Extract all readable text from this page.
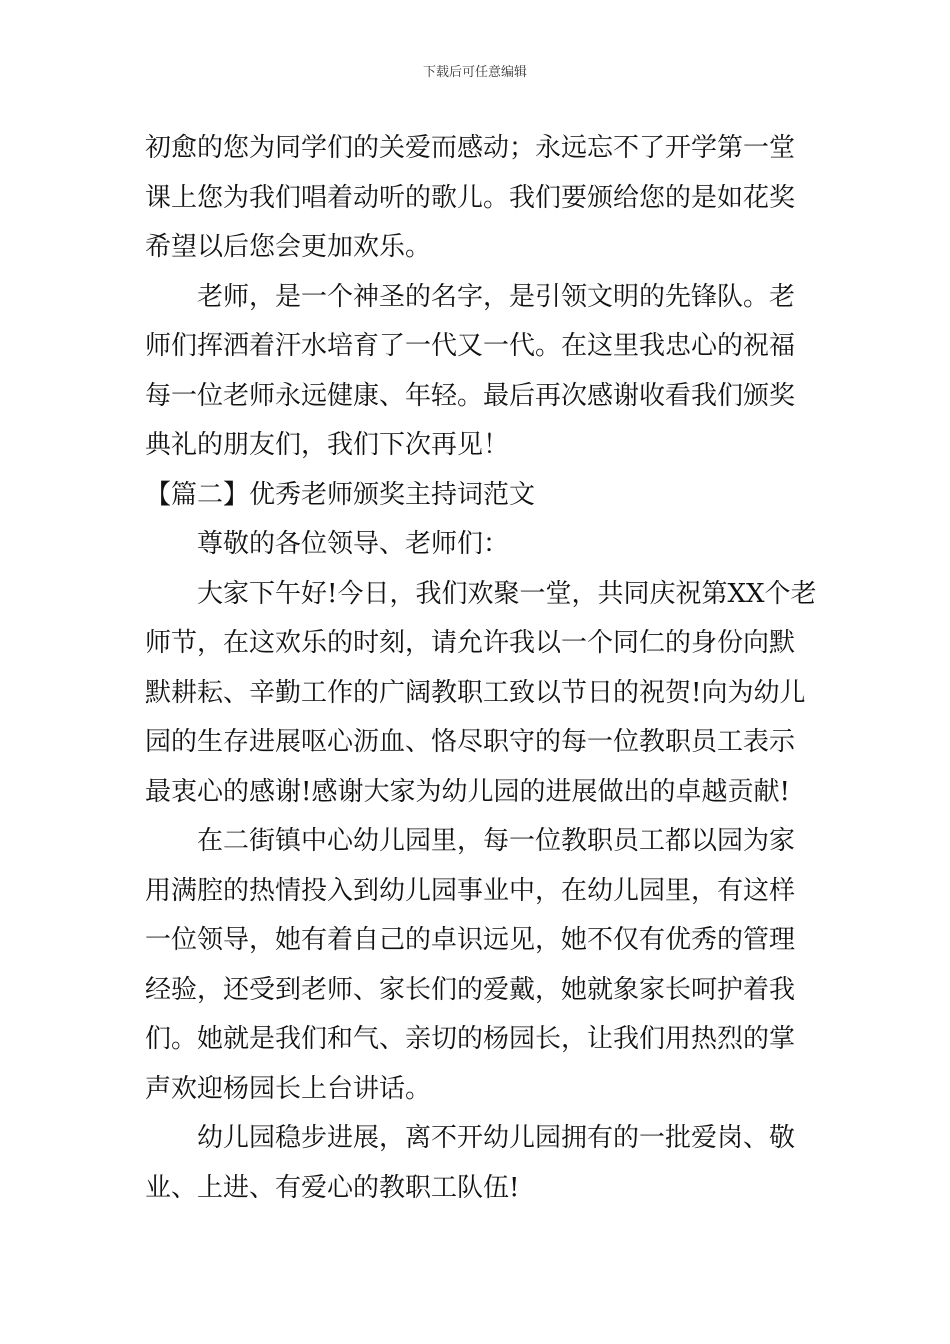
下载后可任意编辑

初愈的您为同学们的关爱而感动；永远忘不了开学第一堂
课上您为我们唱着动听的歌儿。我们要颁给您的是如花奖
希望以后您会更加欢乐。

老师，是一个神圣的名字，是引领文明的先锋队。老
师们挥洒着汗水培育了一代又一代。在这里我忠心的祝福
每一位老师永远健康、年轻。最后再次感谢收看我们颁奖
典礼的朋友们，我们下次再见！

【篇二】优秀老师颁奖主持词范文

尊敬的各位领导、老师们：

大家下午好!今日，我们欢聚一堂，共同庆祝第XX个老
师节，在这欢乐的时刻，请允许我以一个同仁的身份向默
默耕耘、辛勤工作的广阔教职工致以节日的祝贺!向为幼儿
园的生存进展呕心沥血、恪尽职守的每一位教职员工表示
最衷心的感谢!感谢大家为幼儿园的进展做出的卓越贡献!

在二街镇中心幼儿园里，每一位教职员工都以园为家
用满腔的热情投入到幼儿园事业中，在幼儿园里，有这样
一位领导，她有着自己的卓识远见，她不仅有优秀的管理
经验，还受到老师、家长们的爱戴，她就象家长呵护着我
们。她就是我们和气、亲切的杨园长，让我们用热烈的掌
声欢迎杨园长上台讲话。

幼儿园稳步进展，离不开幼儿园拥有的一批爱岗、敬
业、上进、有爱心的教职工队伍!
